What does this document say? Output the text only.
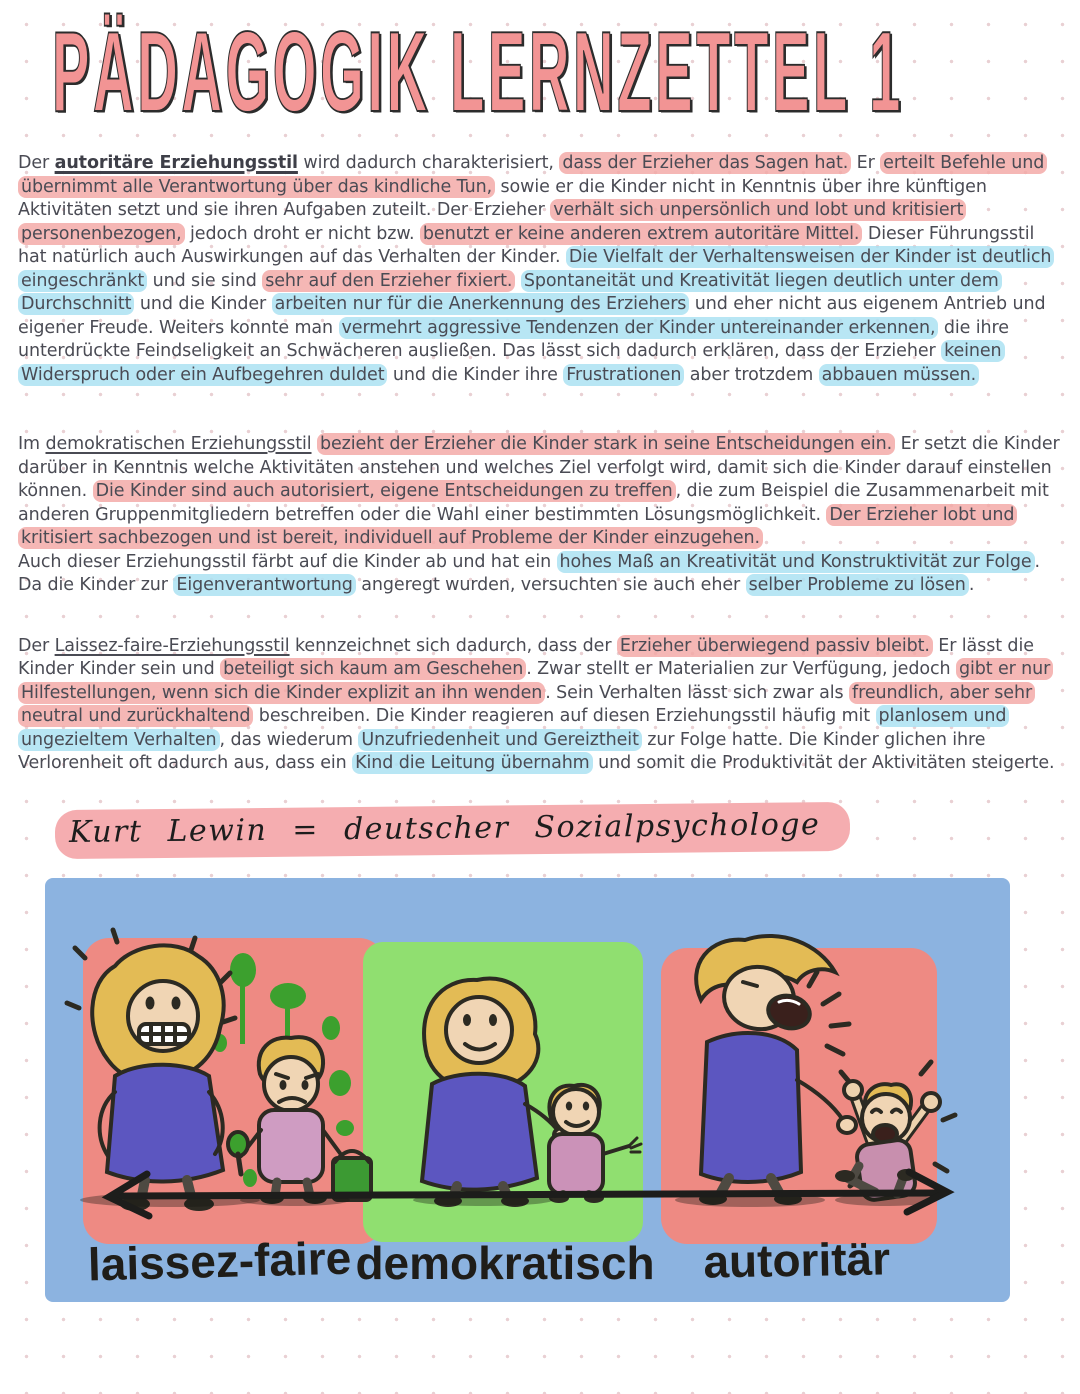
PÄDAGOGIK LERNZETTEL 1
Der autoritäre Erziehungsstil wird dadurch charakterisiert, dass der Erzieher das Sagen hat. Er erteilt Befehle und übernimmt alle Verantwortung über das kindliche Tun, sowie er die Kinder nicht in Kenntnis über ihre künftigen Aktivitäten setzt und sie ihren Aufgaben zuteilt. Der Erzieher verhält sich unpersönlich und lobt und kritisiert personenbezogen, jedoch droht er nicht bzw. benutzt er keine anderen extrem autoritäre Mittel. Dieser Führungsstil hat natürlich auch Auswirkungen auf das Verhalten der Kinder. Die Vielfalt der Verhaltensweisen der Kinder ist deutlich eingeschränkt und sie sind sehr auf den Erzieher fixiert. Spontaneität und Kreativität liegen deutlich unter dem Durchschnitt und die Kinder arbeiten nur für die Anerkennung des Erziehers und eher nicht aus eigenem Antrieb und eigener Freude. Weiters konnte man vermehrt aggressive Tendenzen der Kinder untereinander erkennen, die ihre unterdrückte Feindseligkeit an Schwächeren ausließen. Das lässt sich dadurch erklären, dass der Erzieher keinen Widerspruch oder ein Aufbegehren duldet und die Kinder ihre Frustrationen aber trotzdem abbauen müssen.
Im demokratischen Erziehungsstil bezieht der Erzieher die Kinder stark in seine Entscheidungen ein. Er setzt die Kinder darüber in Kenntnis welche Aktivitäten anstehen und welches Ziel verfolgt wird, damit sich die Kinder darauf einstellen können. Die Kinder sind auch autorisiert, eigene Entscheidungen zu treffen , die zum Beispiel die Zusammenarbeit mit anderen Gruppenmitgliedern betreffen oder die Wahl einer bestimmten Lösungsmöglichkeit. Der Erzieher lobt und kritisiert sachbezogen und ist bereit, individuell auf Probleme der Kinder einzugehen.
Auch dieser Erziehungsstil färbt auf die Kinder ab und hat ein hohes Maß an Kreativität und Konstruktivität zur Folge . Da die Kinder zur Eigenverantwortung angeregt wurden, versuchten sie auch eher selber Probleme zu lösen .
Der Laissez-faire-Erziehungsstil kennzeichnet sich dadurch, dass der Erzieher überwiegend passiv bleibt. Er lässt die Kinder Kinder sein und beteiligt sich kaum am Geschehen . Zwar stellt er Materialien zur Verfügung, jedoch gibt er nur Hilfestellungen, wenn sich die Kinder explizit an ihn wenden . Sein Verhalten lässt sich zwar als freundlich, aber sehr neutral und zurückhaltend beschreiben. Die Kinder reagieren auf diesen Erziehungsstil häufig mit planlosem und ungezieltem Verhalten , das wiederum Unzufriedenheit und Gereiztheit zur Folge hatte. Die Kinder glichen ihre Verlorenheit oft dadurch aus, dass ein Kind die Leitung übernahm und somit die Produktivität der Aktivitäten steigerte.
Kurt Lewin = deutscher Sozialpsychologe
laissez-faire demokratisch autoritär
